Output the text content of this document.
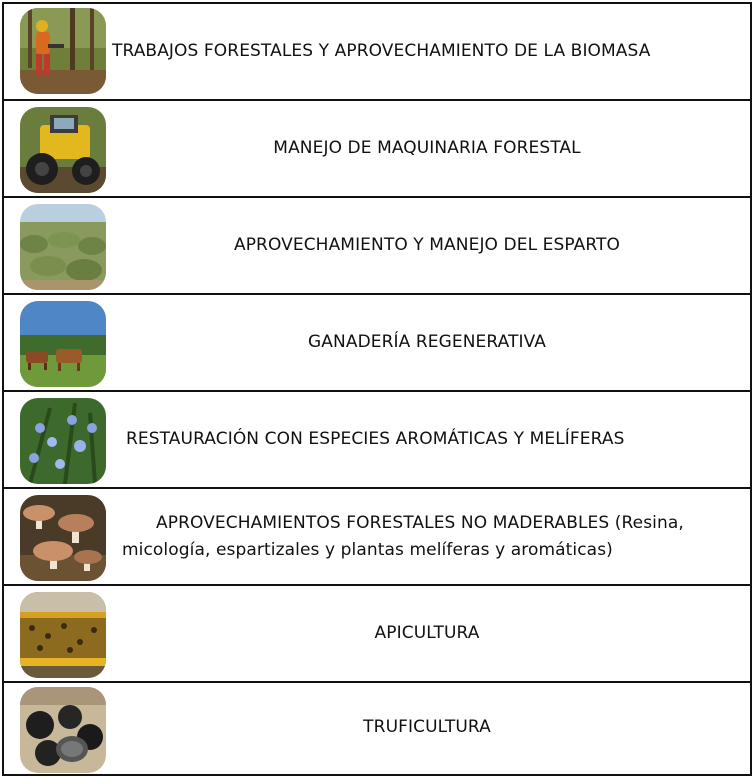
TRABAJOS FORESTALES Y APROVECHAMIENTO DE LA BIOMASA
MANEJO DE MAQUINARIA FORESTAL
APROVECHAMIENTO Y MANEJO DEL ESPARTO
GANADERÍA REGENERATIVA
RESTAURACIÓN CON ESPECIES AROMÁTICAS Y MELÍFERAS
APROVECHAMIENTOS FORESTALES NO MADERABLES (Resina,
micología, espartizales y plantas melíferas y aromáticas)
APICULTURA
TRUFICULTURA
